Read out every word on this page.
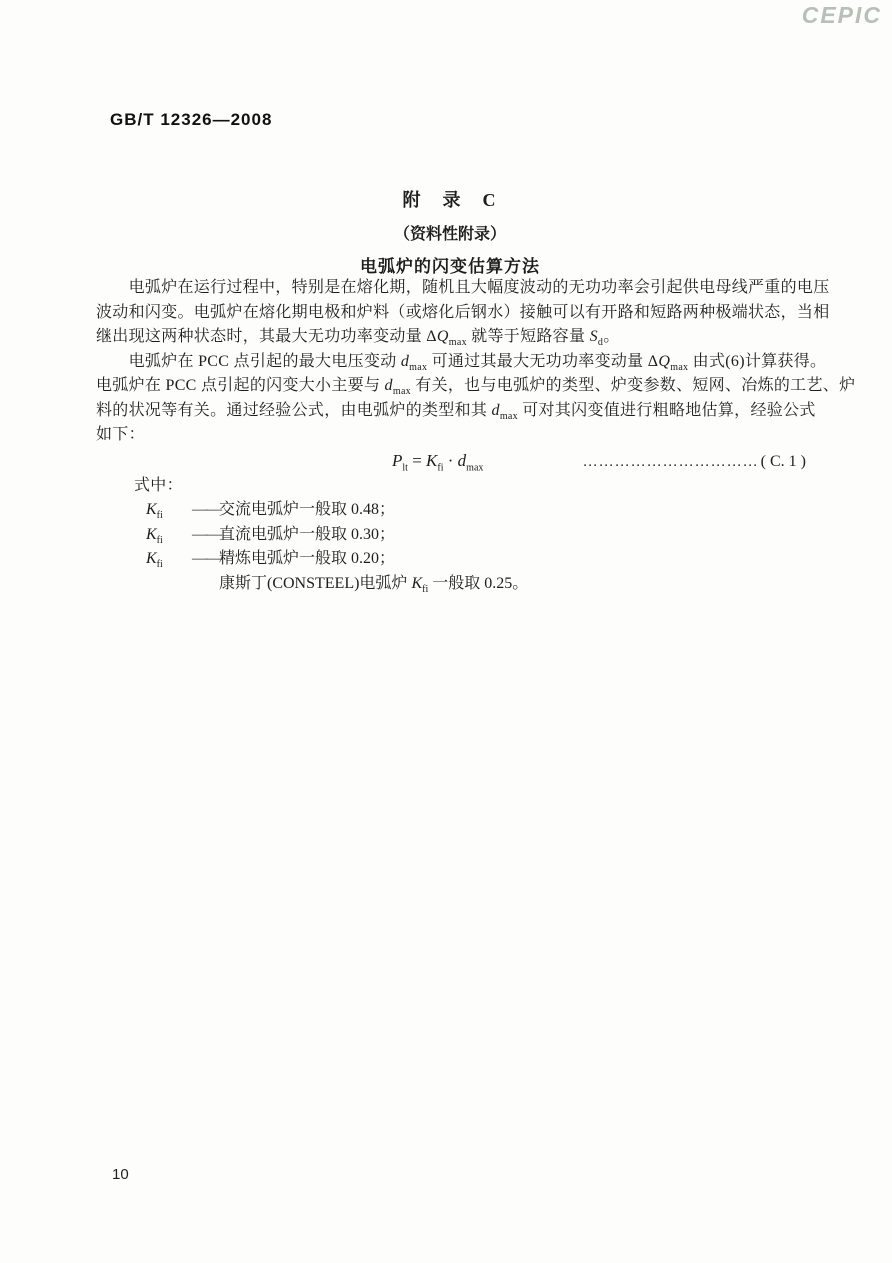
CEPIC
GB/T 12326—2008
附　录　C
（资料性附录）
电弧炉的闪变估算方法
　　电弧炉在运行过程中，特别是在熔化期，随机且大幅度波动的无功功率会引起供电母线严重的电压
波动和闪变。电弧炉在熔化期电极和炉料（或熔化后钢水）接触可以有开路和短路两种极端状态，当相
继出现这两种状态时，其最大无功功率变动量 $\Delta Q_{max}$ 就等于短路容量 $S_d$。
　　电弧炉在 PCC 点引起的最大电压变动 $d_{max}$ 可通过其最大无功功率变动量 $\Delta Q_{max}$ 由式(6)计算获得。
电弧炉在 PCC 点引起的闪变大小主要与 $d_{max}$ 有关，也与电弧炉的类型、炉变参数、短网、冶炼的工艺、炉
料的状况等有关。通过经验公式，由电弧炉的类型和其 $d_{max}$ 可对其闪变值进行粗略地估算，经验公式
如下：
$P_{lt} = K_{fi} \cdot d_{max}$	…………………………… ( C. 1 )
式中：
$K_{fi}$	—— 交流电弧炉一般取 0.48；
$K_{fi}$	—— 直流电弧炉一般取 0.30；
$K_{fi}$	—— 精炼电弧炉一般取 0.20；
康斯丁(CONSTEEL)电弧炉 $K_{fi}$ 一般取 0.25。
10
